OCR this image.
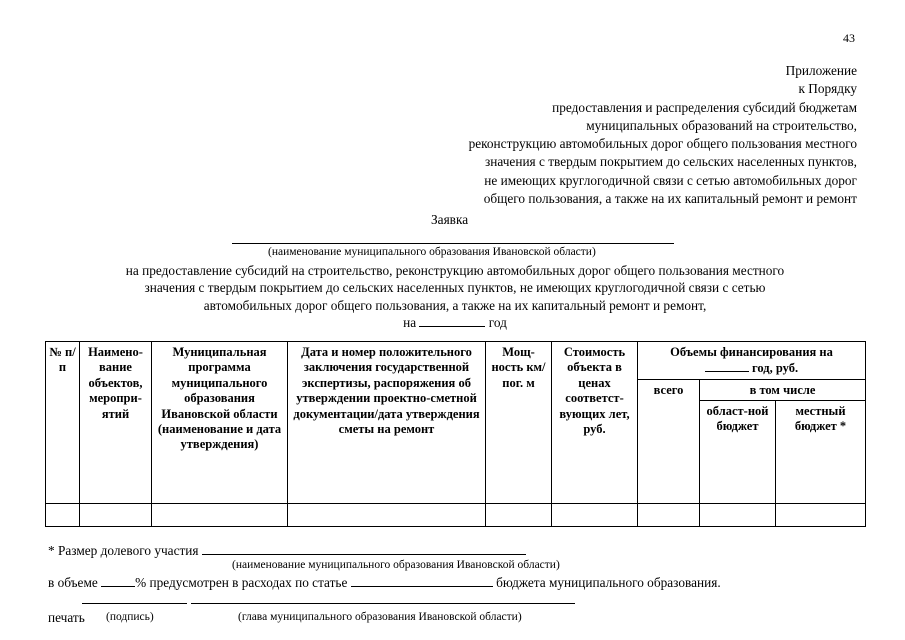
43
Приложение
к Порядку
предоставления и распределения субсидий бюджетам
муниципальных образований на строительство,
реконструкцию автомобильных дорог общего пользования местного
значения с твердым покрытием до сельских населенных пунктов,
не имеющих круглогодичной связи с сетью автомобильных дорог
общего пользования, а также на их капитальный ремонт и ремонт
Заявка
(наименование муниципального образования Ивановской области)
на предоставление субсидий на строительство, реконструкцию автомобильных дорог общего пользования местного
значения с твердым покрытием до сельских населенных пунктов, не имеющих круглогодичной связи с сетью
автомобильных дорог общего пользования, а также на их капитальный ремонт и ремонт,
на	год
№ п/п	Наимено-вание объектов, меропри-ятий	Муниципальная программа муниципального образования Ивановской области (наименование и дата утверждения)	Дата и номер положительного заключения государственной экспертизы, распоряжения об утверждении проектно-сметной документации/дата утверждения сметы на ремонт	Мощ-ность км/пог. м	Стоимость объекта в ценах соответст-вующих лет, руб.	Объемы финансирования на
год, руб.		
						всего	в том числе	
							област-ной бюджет	местный бюджет *

* Размер долевого участия
(наименование муниципального образования Ивановской области)
в объеме	% предусмотрен в расходах по статье	бюджета муниципального образования.
печать (подпись)	(глава муниципального образования Ивановской области)
